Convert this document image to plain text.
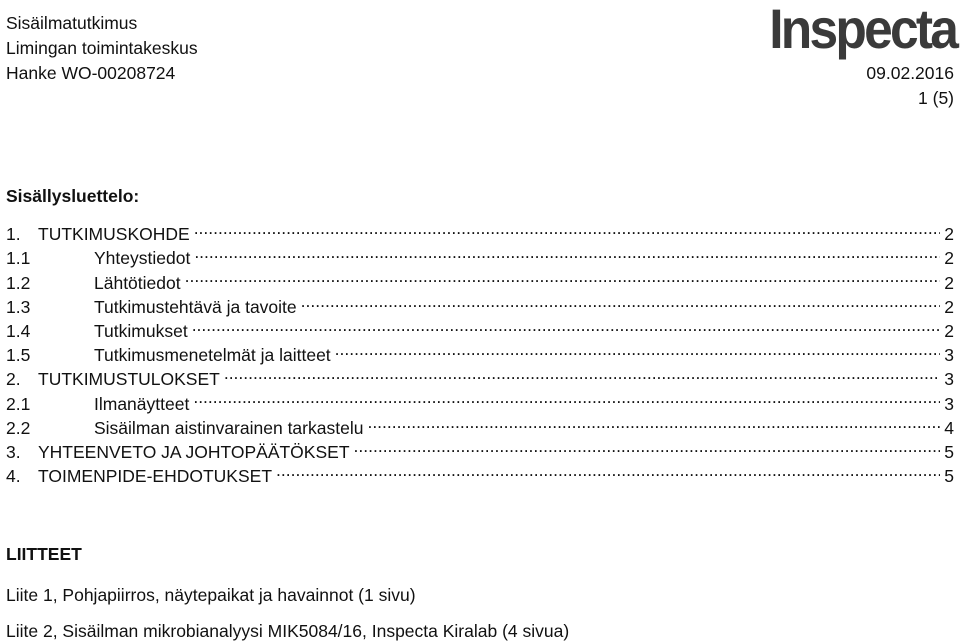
Sisäilmatutkimus
Limingan toimintakeskus
Hanke WO-00208724
Inspecta
09.02.2016
1 (5)
Sisällysluettelo:
1. TUTKIMUSKOHDE .....	2
1.1	Yhteystiedot .....	2
1.2	Lähtötiedot .....	2
1.3	Tutkimustehtävä ja tavoite .....	2
1.4	Tutkimukset .....	2
1.5	Tutkimusmenetelmät ja laitteet .....	3
2. TUTKIMUSTULOKSET .....	3
2.1	Ilmanäytteet .....	3
2.2	Sisäilman aistinvarainen tarkastelu .....	4
3. YHTEENVETO JA JOHTOPÄÄTÖKSET .....	5
4. TOIMENPIDE-EHDOTUKSET .....	5
LIITTEET
Liite 1, Pohjapiirros, näytepaikat ja havainnot (1 sivu)
Liite 2, Sisäilman mikrobianalyysi MIK5084/16, Inspecta Kiralab (4 sivua)
